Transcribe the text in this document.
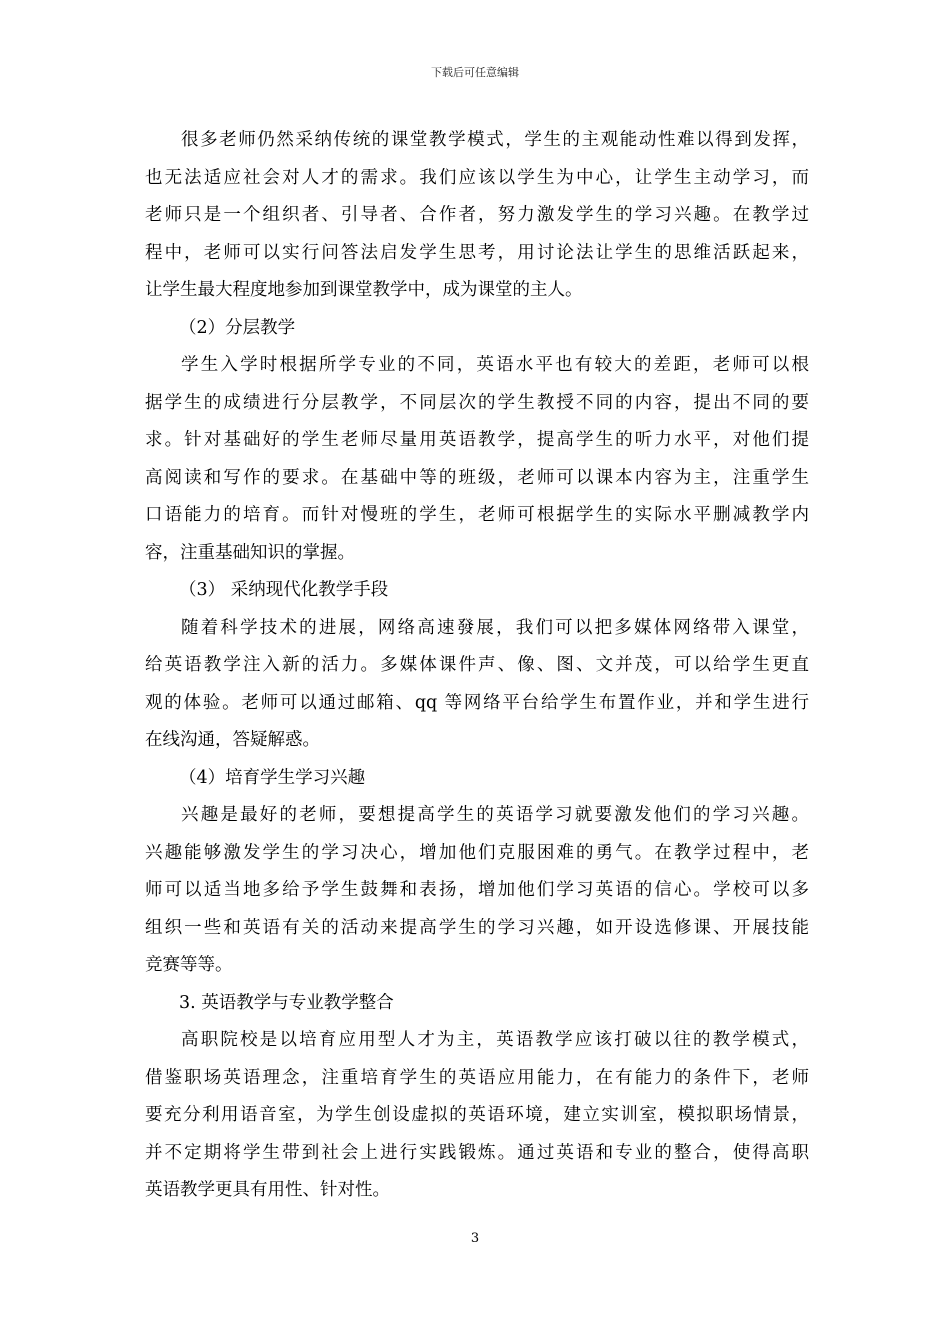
下载后可任意编辑
很多老师仍然采纳传统的课堂教学模式，学生的主观能动性难以得到发挥，
也无法适应社会对人才的需求。我们应该以学生为中心，让学生主动学习，而
老师只是一个组织者、引导者、合作者，努力激发学生的学习兴趣。在教学过
程中，老师可以实行问答法启发学生思考，用讨论法让学生的思维活跃起来，
让学生最大程度地参加到课堂教学中，成为课堂的主人。
（2）分层教学
学生入学时根据所学专业的不同，英语水平也有较大的差距，老师可以根
据学生的成绩进行分层教学，不同层次的学生教授不同的内容，提出不同的要
求。针对基础好的学生老师尽量用英语教学，提高学生的听力水平，对他们提
高阅读和写作的要求。在基础中等的班级，老师可以课本内容为主，注重学生
口语能力的培育。而针对慢班的学生，老师可根据学生的实际水平删减教学内
容，注重基础知识的掌握。
（3） 采纳现代化教学手段
随着科学技术的进展，网络高速發展，我们可以把多媒体网络带入课堂，
给英语教学注入新的活力。多媒体课件声、像、图、文并茂，可以给学生更直
观的体验。老师可以通过邮箱、qq 等网络平台给学生布置作业，并和学生进行
在线沟通，答疑解惑。
（4）培育学生学习兴趣
兴趣是最好的老师，要想提高学生的英语学习就要激发他们的学习兴趣。
兴趣能够激发学生的学习决心，增加他们克服困难的勇气。在教学过程中，老
师可以适当地多给予学生鼓舞和表扬，增加他们学习英语的信心。学校可以多
组织一些和英语有关的活动来提高学生的学习兴趣，如开设选修课、开展技能
竞赛等等。
3. 英语教学与专业教学整合
高职院校是以培育应用型人才为主，英语教学应该打破以往的教学模式，
借鉴职场英语理念，注重培育学生的英语应用能力，在有能力的条件下，老师
要充分利用语音室，为学生创设虚拟的英语环境，建立实训室，模拟职场情景，
并不定期将学生带到社会上进行实践锻炼。通过英语和专业的整合，使得高职
英语教学更具有用性、针对性。
3
